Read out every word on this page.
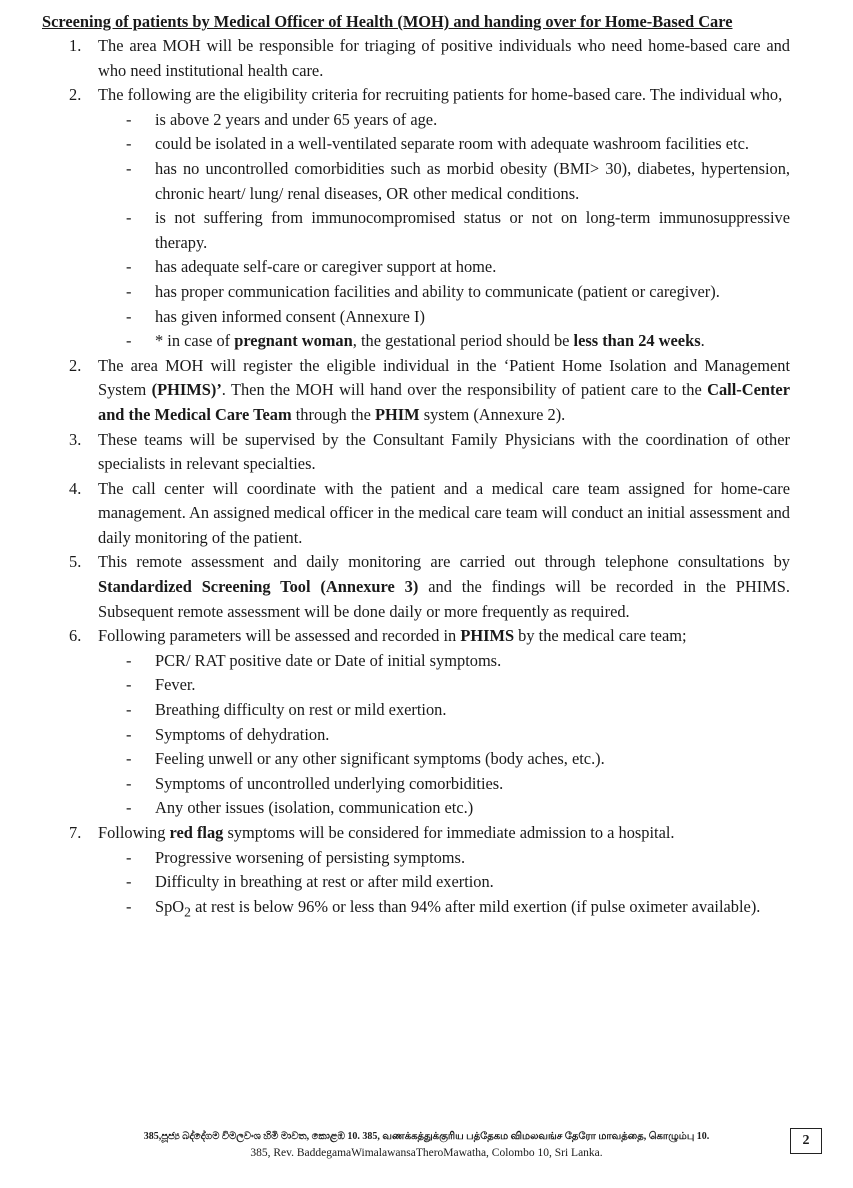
Screening of patients by Medical Officer of Health (MOH) and handing over for Home-Based Care
1. The area MOH will be responsible for triaging of positive individuals who need home-based care and who need institutional health care.
2. The following are the eligibility criteria for recruiting patients for home-based care. The individual who,
- is above 2 years and under 65 years of age.
- could be isolated in a well-ventilated separate room with adequate washroom facilities etc.
- has no uncontrolled comorbidities such as morbid obesity (BMI> 30), diabetes, hypertension, chronic heart/ lung/ renal diseases, OR other medical conditions.
- is not suffering from immunocompromised status or not on long-term immunosuppressive therapy.
- has adequate self-care or caregiver support at home.
- has proper communication facilities and ability to communicate (patient or caregiver).
- has given informed consent (Annexure I)
- * in case of pregnant woman, the gestational period should be less than 24 weeks.
2. The area MOH will register the eligible individual in the ‘Patient Home Isolation and Management System (PHIMS)’. Then the MOH will hand over the responsibility of patient care to the Call-Center and the Medical Care Team through the PHIM system (Annexure 2).
3. These teams will be supervised by the Consultant Family Physicians with the coordination of other specialists in relevant specialties.
4. The call center will coordinate with the patient and a medical care team assigned for home-care management. An assigned medical officer in the medical care team will conduct an initial assessment and daily monitoring of the patient.
5. This remote assessment and daily monitoring are carried out through telephone consultations by Standardized Screening Tool (Annexure 3) and the findings will be recorded in the PHIMS. Subsequent remote assessment will be done daily or more frequently as required.
6. Following parameters will be assessed and recorded in PHIMS by the medical care team;
- PCR/ RAT positive date or Date of initial symptoms.
- Fever.
- Breathing difficulty on rest or mild exertion.
- Symptoms of dehydration.
- Feeling unwell or any other significant symptoms (body aches, etc.).
- Symptoms of uncontrolled underlying comorbidities.
- Any other issues (isolation, communication etc.)
7. Following red flag symptoms will be considered for immediate admission to a hospital.
- Progressive worsening of persisting symptoms.
- Difficulty in breathing at rest or after mild exertion.
- SpO$_2$ at rest is below 96% or less than 94% after mild exertion (if pulse oximeter available).
385,පූජ්‍ය බද්දේගම විමලවංශ හිමි මාවත, කොළඹ 10. 385, வணக்கத்துக்குரிய பத்தேகம விமலவங்ச தேரோ மாவத்தை, கொழும்பு 10.
385, Rev. BaddegamaWimalawansaTheroMawatha, Colombo 10, Sri Lanka.
2
